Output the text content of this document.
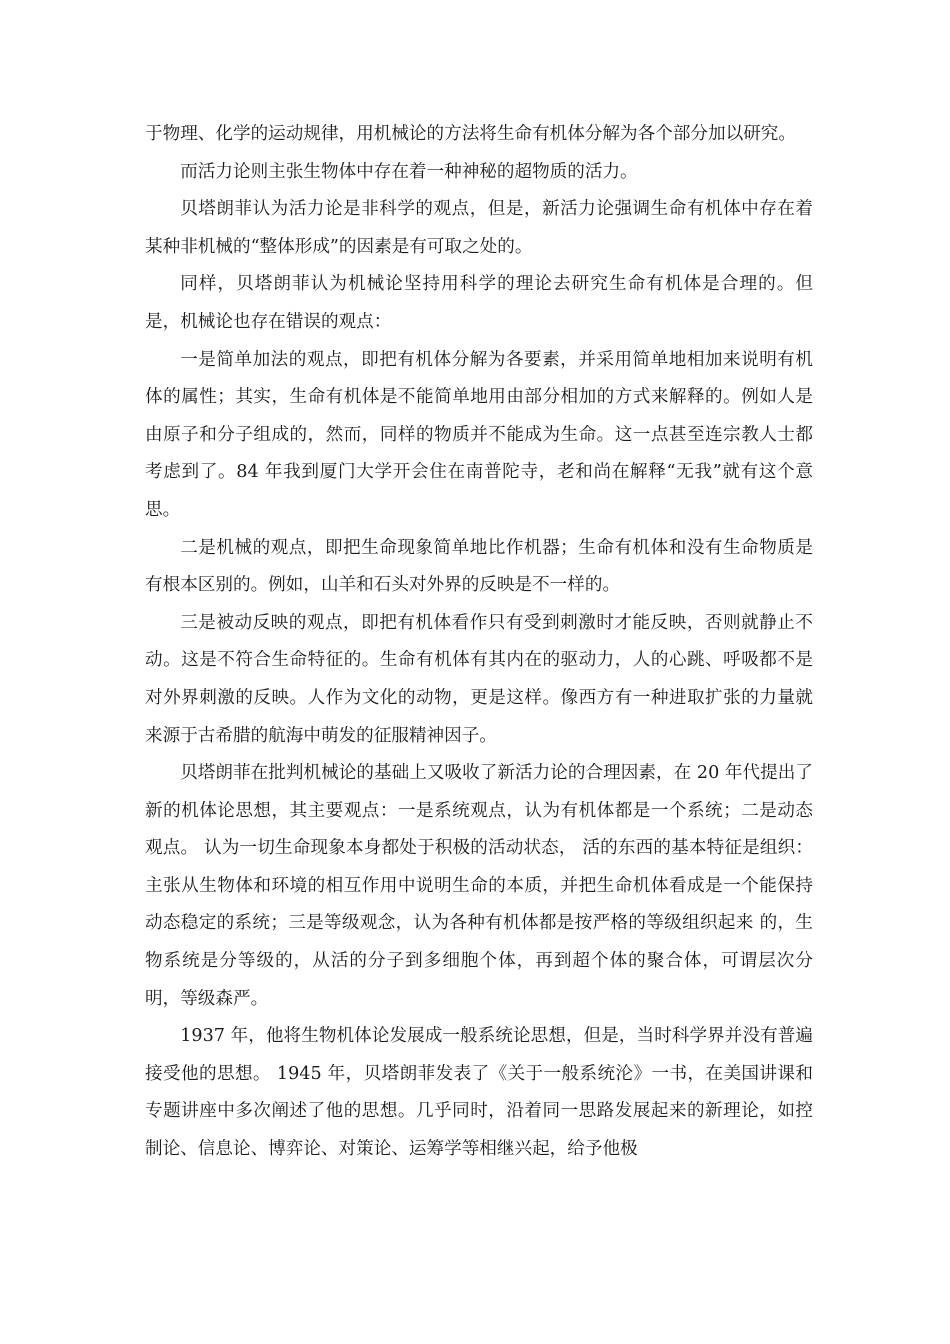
于物理、化学的运动规律，用机械论的方法将生命有机体分解为各个部分加以研究。

而活力论则主张生物体中存在着一种神秘的超物质的活力。

贝塔朗菲认为活力论是非科学的观点，但是，新活力论强调生命有机体中存在着某种非机械的“整体形成”的因素是有可取之处的。

同样，贝塔朗菲认为机械论坚持用科学的理论去研究生命有机体是合理的。但是，机械论也存在错误的观点：

一是简单加法的观点，即把有机体分解为各要素，并采用简单地相加来说明有机体的属性；其实，生命有机体是不能简单地用由部分相加的方式来解释的。例如人是由原子和分子组成的，然而，同样的物质并不能成为生命。这一点甚至连宗教人士都考虑到了。84 年我到厦门大学开会住在南普陀寺，老和尚在解释“无我”就有这个意思。

二是机械的观点，即把生命现象简单地比作机器；生命有机体和没有生命物质是有根本区别的。例如，山羊和石头对外界的反映是不一样的。

三是被动反映的观点，即把有机体看作只有受到刺激时才能反映，否则就静止不动。这是不符合生命特征的。生命有机体有其内在的驱动力，人的心跳、呼吸都不是对外界刺激的反映。人作为文化的动物，更是这样。像西方有一种进取扩张的力量就来源于古希腊的航海中萌发的征服精神因子。

贝塔朗菲在批判机械论的基础上又吸收了新活力论的合理因素，在 20 年代提出了新的机体论思想，其主要观点：一是系统观点，认为有机体都是一个系统；二是动态观点。 认为一切生命现象本身都处于积极的活动状态， 活的东西的基本特征是组织：主张从生物体和环境的相互作用中说明生命的本质，并把生命机体看成是一个能保持动态稳定的系统；三是等级观念，认为各种有机体都是按严格的等级组织起来 的，生物系统是分等级的，从活的分子到多细胞个体，再到超个体的聚合体，可谓层次分明，等级森严。

1937 年，他将生物机体论发展成一般系统论思想，但是，当时科学界并没有普遍接受他的思想。 1945 年，贝塔朗菲发表了《关于一般系统沦》一书，在美国讲课和专题讲座中多次阐述了他的思想。几乎同时，沿着同一思路发展起来的新理论，如控制论、信息论、博弈论、对策论、运筹学等相继兴起，给予他极
